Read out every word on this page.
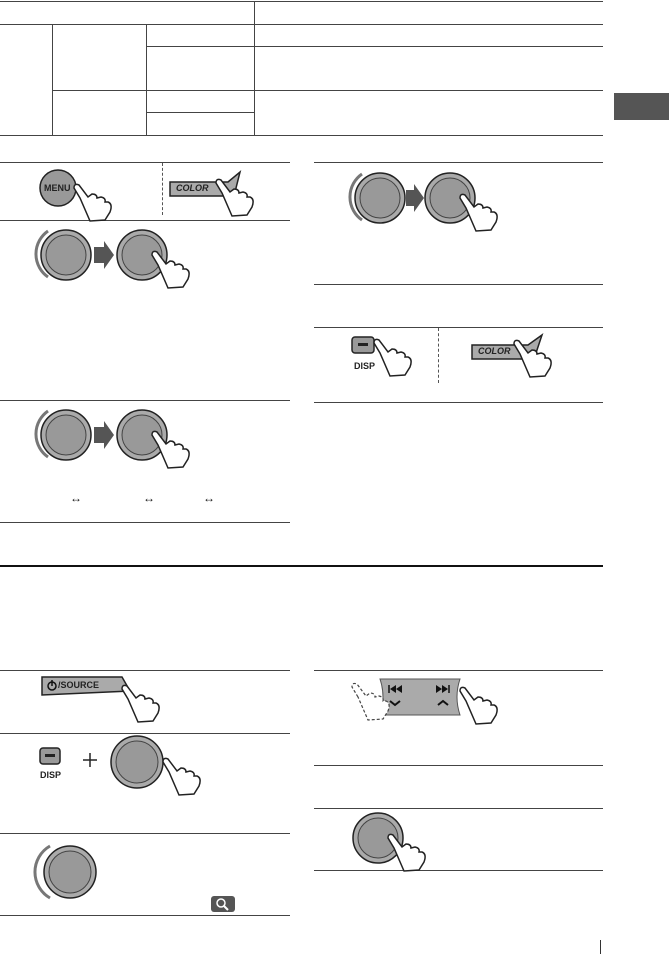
MENU	COLOR
↔	↔	↔
DISP
COLOR
/SOURCE
DISP
